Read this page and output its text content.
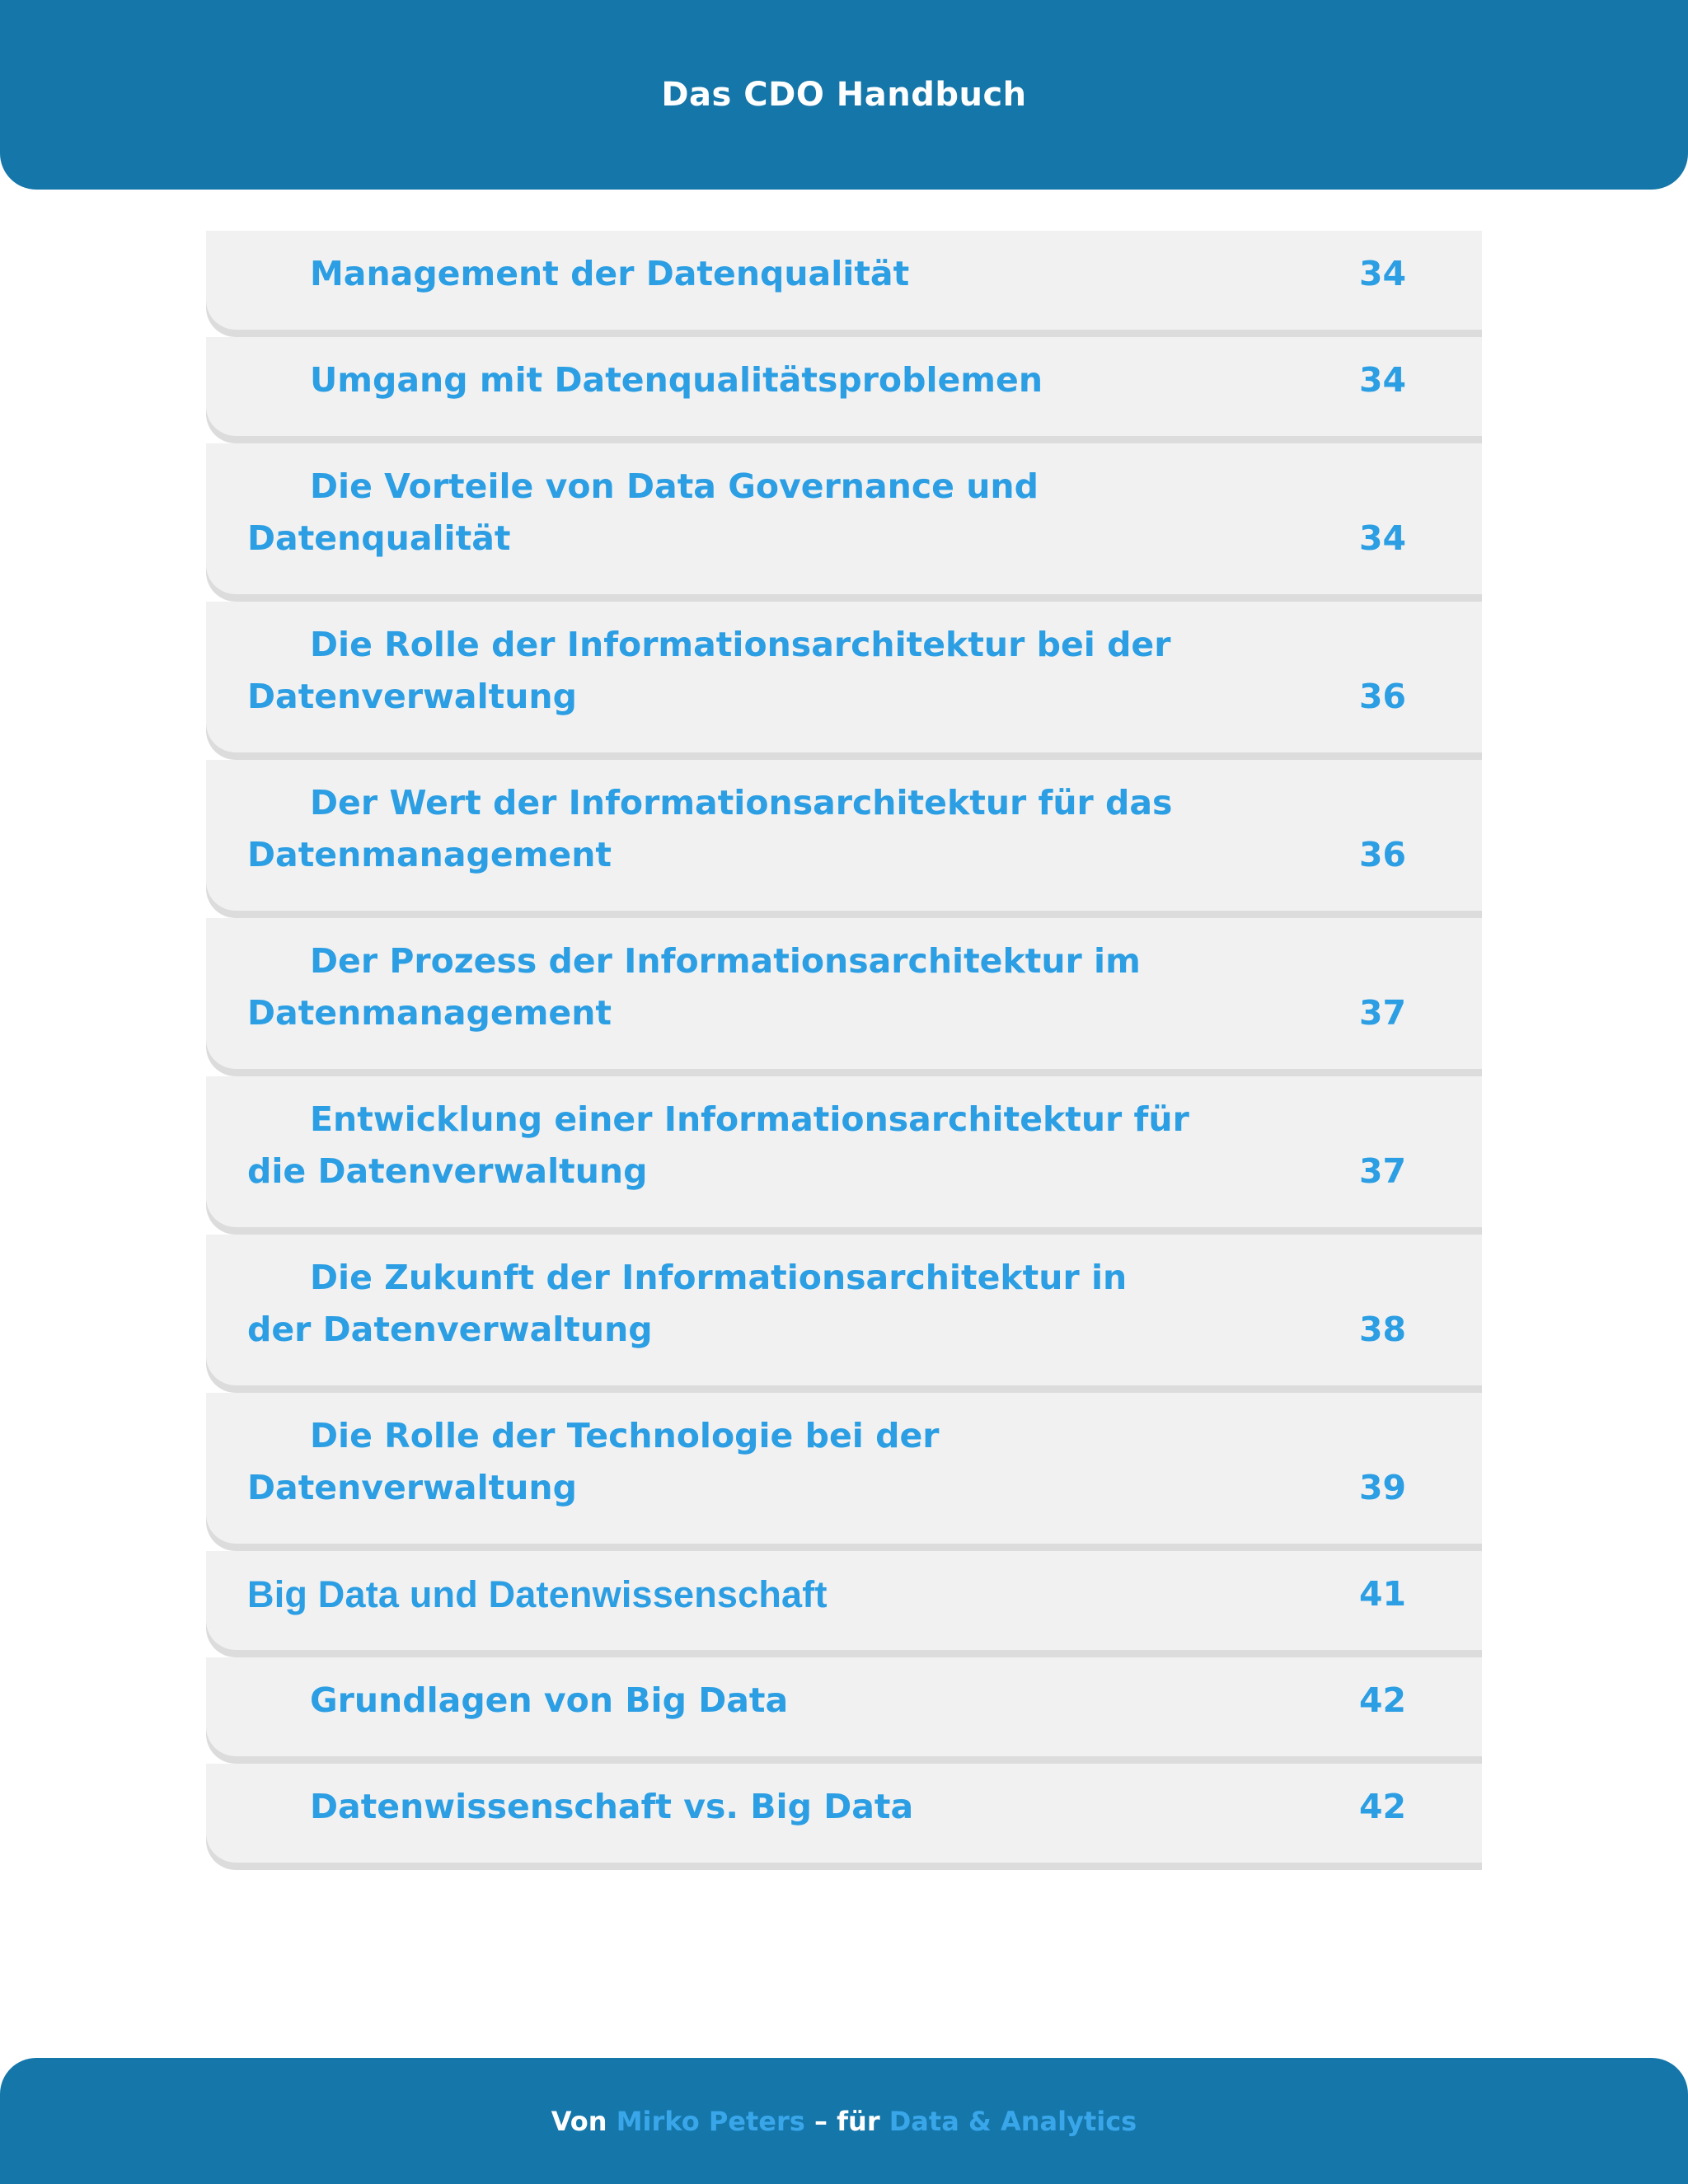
Das CDO Handbuch

Management der Datenqualität	34

Umgang mit Datenqualitätsproblemen	34

Die Vorteile von Data Governance und Datenqualität	34

Die Rolle der Informationsarchitektur bei der Datenverwaltung	36

Der Wert der Informationsarchitektur für das Datenmanagement	36

Der Prozess der Informationsarchitektur im Datenmanagement	37

Entwicklung einer Informationsarchitektur für die Datenverwaltung	37

Die Zukunft der Informationsarchitektur in der Datenverwaltung	38

Die Rolle der Technologie bei der Datenverwaltung	39

Big Data und Datenwissenschaft	41

Grundlagen von Big Data	42

Datenwissenschaft vs. Big Data	42
Von Mirko Peters – für Data & Analytics
